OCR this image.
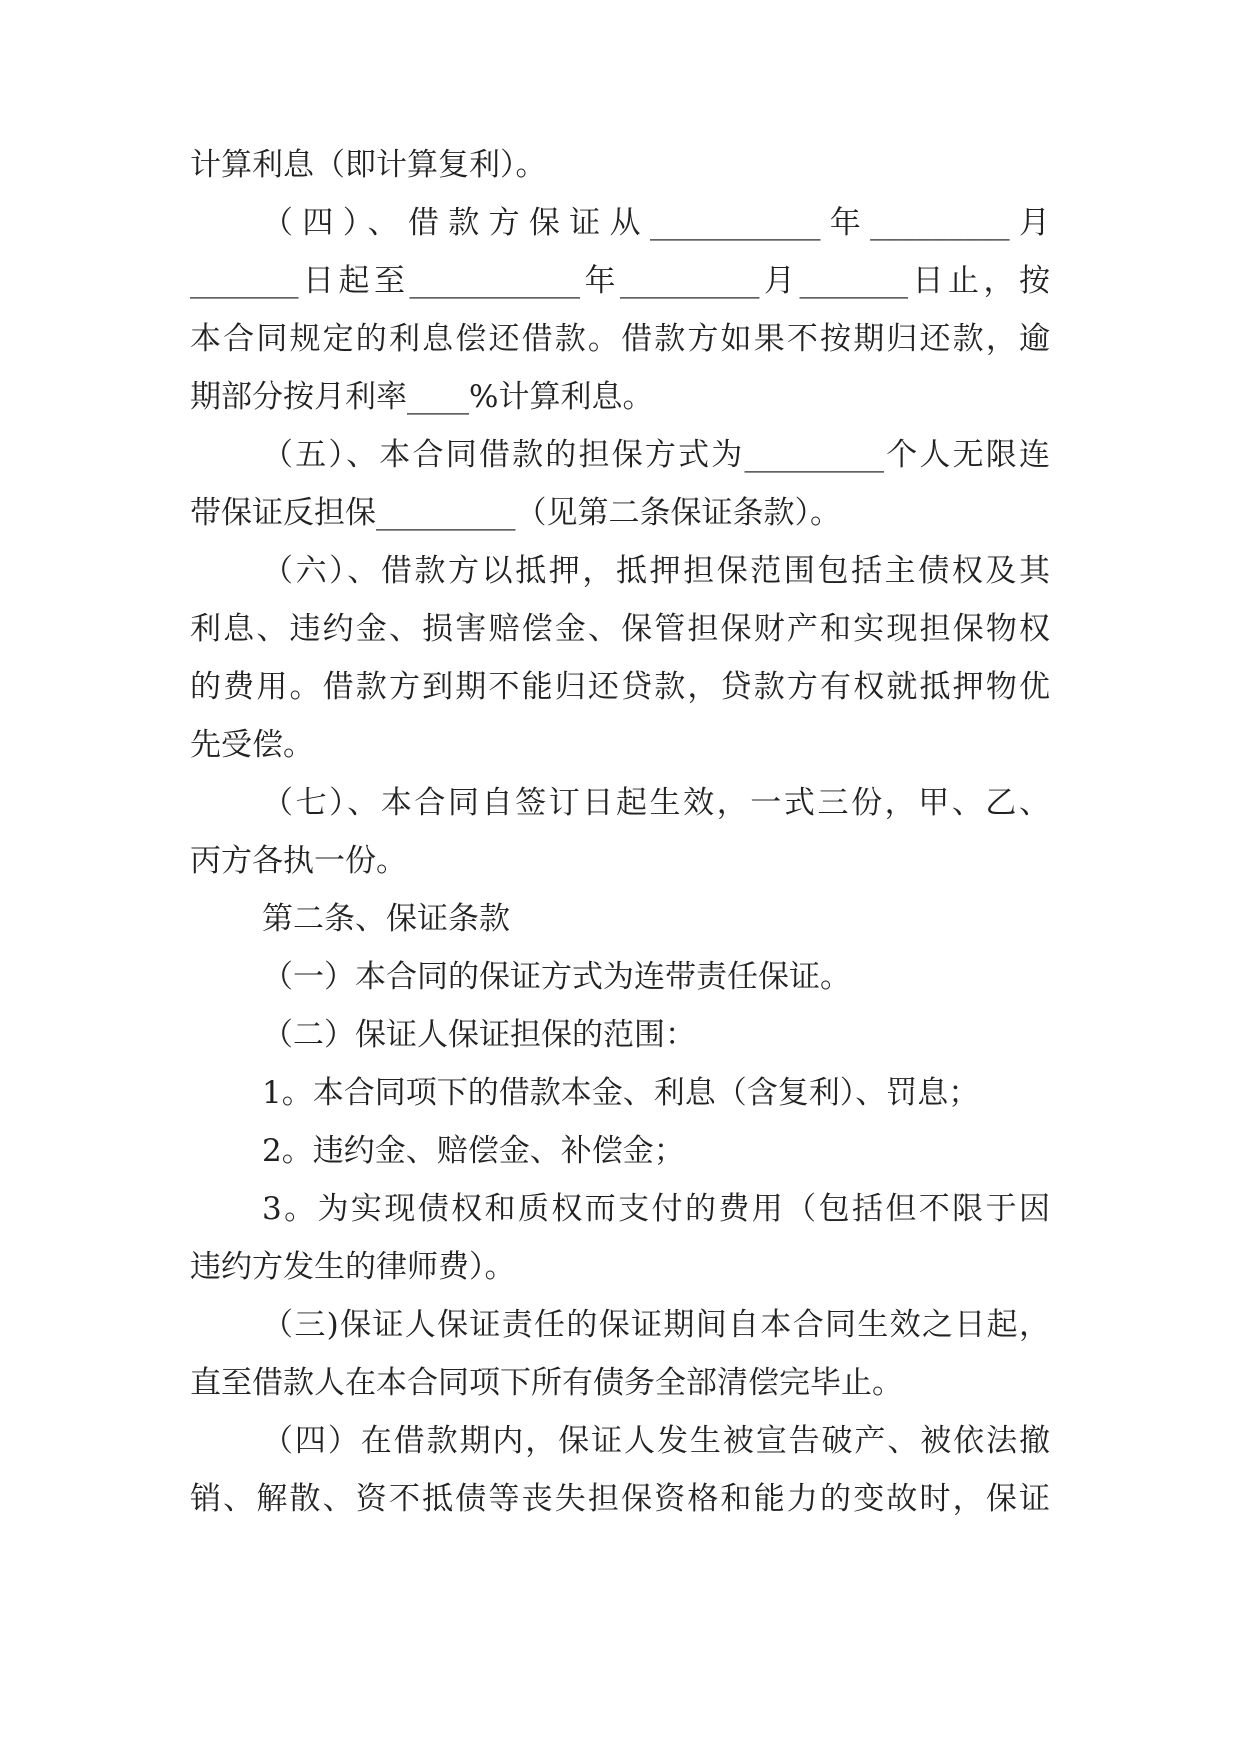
计算利息（即计算复利）。
（四）、借款方保证从___________年_________月
_______日起至___________年_________月_______日止，按
本合同规定的利息偿还借款。借款方如果不按期归还款，逾
期部分按月利率____%计算利息。
（五）、本合同借款的担保方式为_________个人无限连
带保证反担保_________（见第二条保证条款）。
（六）、借款方以抵押，抵押担保范围包括主债权及其
利息、违约金、损害赔偿金、保管担保财产和实现担保物权
的费用。借款方到期不能归还贷款，贷款方有权就抵押物优
先受偿。
（七）、本合同自签订日起生效，一式三份，甲、乙、
丙方各执一份。
第二条、保证条款
（一）本合同的保证方式为连带责任保证。
（二）保证人保证担保的范围：
1。本合同项下的借款本金、利息（含复利）、罚息；
2。违约金、赔偿金、补偿金；
3。为实现债权和质权而支付的费用（包括但不限于因
违约方发生的律师费）。
（三)保证人保证责任的保证期间自本合同生效之日起，
直至借款人在本合同项下所有债务全部清偿完毕止。
（四）在借款期内，保证人发生被宣告破产、被依法撤
销、解散、资不抵债等丧失担保资格和能力的变故时，保证
